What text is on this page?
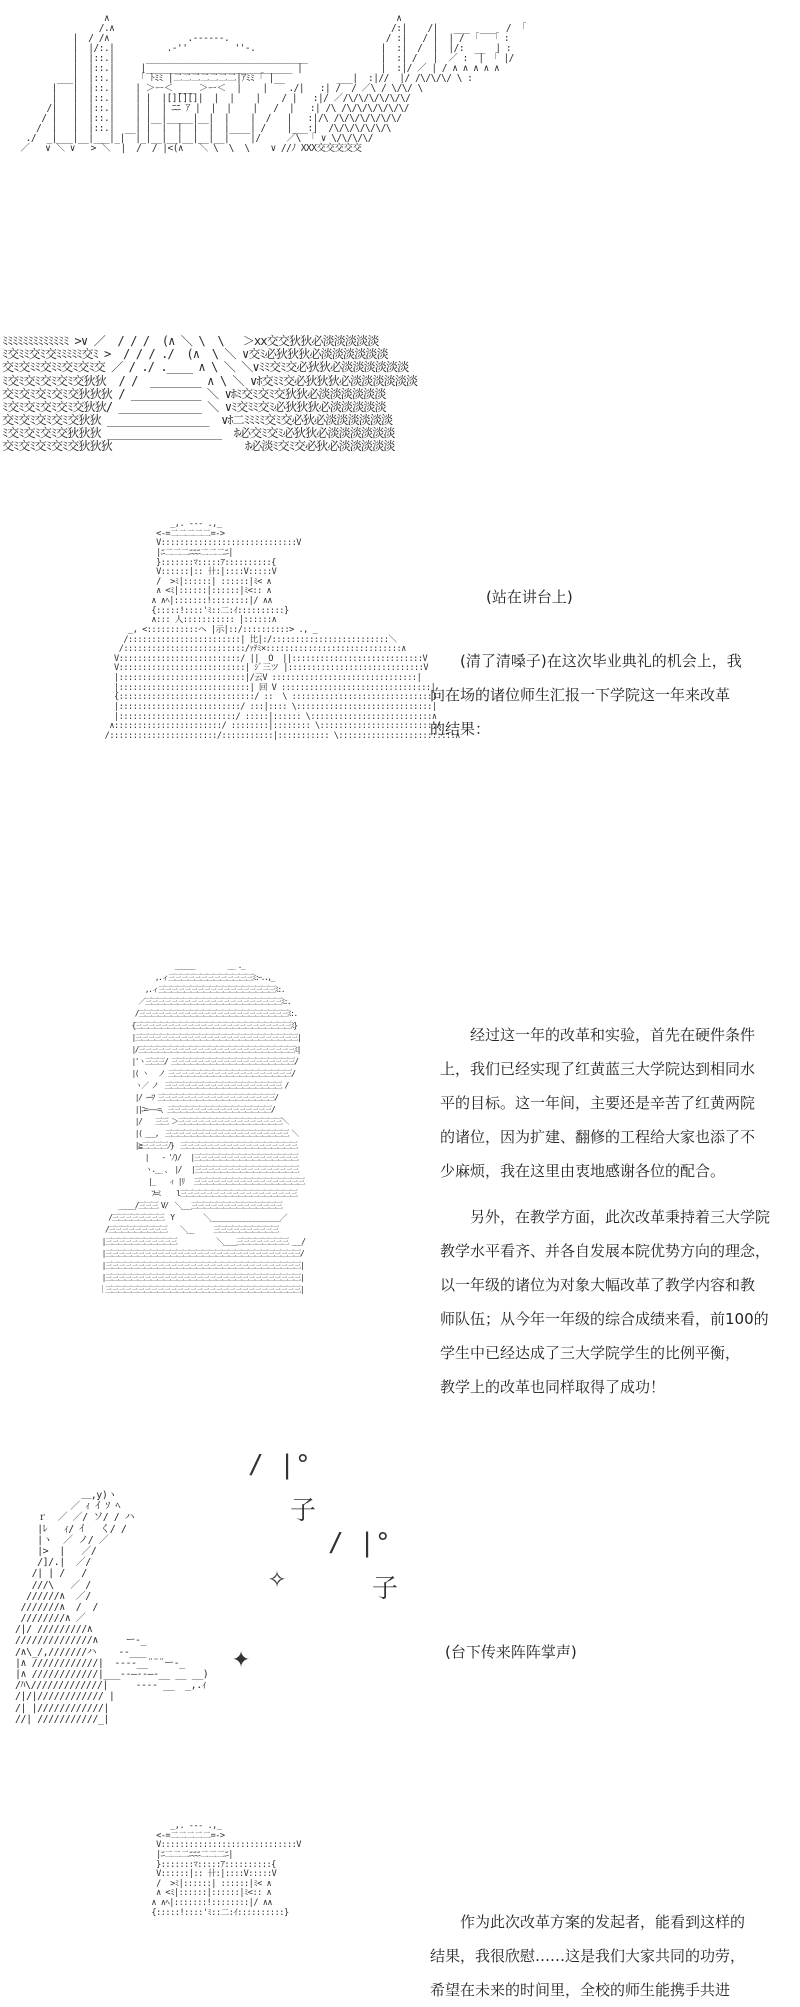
∧                                                       ∧
/.∧                                                     /:|    /|   ___  ___  /  ｢
|  / /∧               .-‐‐‐‐-.                              / :|   / |  | /  ｢   ｢ :
|  |/:.|          .-''         ''-.                        |  :|  /  |  |/:  __  | :
|  |::.|      _______________________________              |  :| /   |  ／ :  |  ｢ |/
|  |::.|     |____________________________ |               |  :|/ ／ | / ∧ ∧ ∧ ∧ ∧
___|  |::.|     ｢ ﾄﾐﾐ |二二二二二二二|ｱﾐﾐ ｢ |__          ___|  :|//  |/ /\/\/\/ \ :
|   |  |::.|    | ＞ー＜ ___ ＞ー＜  |    |    ./|   :| /  / ／\ / \/\/ \
|   |  |::.|    | |  |[][][]|  |  |    |    / |   :|/ ／/\/\/\/\/\/\/
/|   |  |::.|    | |  | ﾆﾆ ｱ |  |  |    |   /  |   :| /\ /\/\/\/\/\/\/
/ |   |  |::.|    | |__|_____|__|  |    |  /   |   :|/\ /\/\/\/\/\/\/
/  |   |  |::.|  __| |  |  |  |  |  |____| /    |___:|  /\/\/\/\/\/\
./  _|___|__|___|_|  |_|__|__|__|__|__|    |/     ／\  ｢ ∨ \/\/\/\/
／   ∨ ＼ ∨   > ＼  |  /  / |<(∧   ＼ \  \  \    ∨ //ﾉ XXX交交交交交
ﾐﾐﾐﾐﾐﾐﾐﾐﾐﾐﾐﾐﾐ >∨ ／  / / /  (∧ ＼ \  \   ＞xx交交狄狄必淡淡淡淡淡
ﾐ交ﾐﾐ交ﾐ交ﾐﾐﾐﾐﾐ交ﾐ >  / / / ./  (∧  \ ＼ ∨交ﾐ必狄狄狄必淡淡淡淡淡淡
交ﾐ交ﾐﾐ交ﾐﾐ交ﾐ交ﾐ交 ／ / ./ .____ ∧ \ ＼ ＼∨ﾐﾐ交ﾐ交必狄狄必淡淡淡淡淡淡
ﾐ交ﾐ交ﾐ交ﾐ交ﾐ交狄狄  / /  ________ ∧ \ ＼ ∨ﾎ交ﾐﾐ交必狄狄狄必淡淡淡淡淡淡
交ﾐ交ﾐ交ﾐ交ﾐ交狄狄狄 / ___________ ＼ ∨ﾎﾐ交ﾐ交ﾐ交狄狄必淡淡淡淡淡淡
ﾐ交ﾐ交ﾐ交ﾐ交ﾐ交狄狄/ _____________ ＼ ∨ﾐ交ﾐﾐ交ﾐ必狄狄狄必淡淡淡淡淡
交ﾐ交ﾐ交ﾐ交ﾐ交狄狄 ________________  ∨ﾎ二ﾐﾐﾐﾐ交ﾐ交必狄必淡淡淡淡淡淡
ﾐ交ﾐ交ﾐ交ﾐ交狄狄狄 __________________  ﾎ必交ﾐ交ﾐ必狄狄必淡淡淡淡淡淡
交ﾐ交ﾐ交ﾐ交ﾐ交狄狄狄                     ﾎ必淡ﾐ交ﾐ交必狄必淡淡淡淡淡
_,. -‐- .,_
<‐=二二二二二=‐>
V:::::::::::::::::::::::::::::V
|ﾆ二二二ﾆﾆﾆ二二二ﾆ|
}:::::::ﾏ:::::ｱ::::::::::{
V::::::|:: 卄:|::::V:::::V
/  >ﾐ|::::::| ::::::|ﾐ< ∧
∧ <ﾐ|::::::|::::::|ﾐ<:: ∧
∧ ∧ﾍ|:::::::!::::::::|/ ∧∧
{:::::!::::'ﾐ::二:ｲ::::::::::}
∧::: 人::::::::::: |::::::∧
_, <:::::::::::ヘ |示|::/::::::::::> ., _
/::::::::::::::::::::::::| 比|:/:::::::::::::::::::::::::＼
/::::::::::::::::::::::::::/ｧﾃﾐ×:::::::::::::::::::::::::::::∧
V::::::::::::::::::::::::::/ ||  O  ||::::::::::::::::::::::::::::V
V:::::::::::::::::::::::::::| ｼﾞ三ツ |:::::::::::::::::::::::::::::V
|:::::::::::::::::::::::::::|/云V :::::::::::::::::::::::::::::::|
|::::::::::::::::::::::::::::| 回 V ::::::::::::::::::::::::::::::::|
{:::::::::::::::::::::::::::::/ ::  \ ::::::::::::::::::::::::::::::}
|::::::::::::::::::::::::::/ :::|:::: \:::::::::::::::::::::::::::::|
|:::::::::::::::::::::::::/ :::::|:::::: \::::::::::::::::::::::::::∧
∧:::::::::::::::::::::::/ ::::::::|:::::::: \:::::::::::::::::::::::::∧
/:::::::::::::::::::::::/:::::::::::|::::::::::: \:::::::::::::::::::::::::∧

(站在讲台上)

(清了清嗓子)在这次毕业典礼的机会上，我

向在场的诸位师生汇报一下学院这一年来改革

的结果：

______          __ ._
,.ィ三三三三三三三三三三三三三ﾐ:ｰ..,_
,.ィ三三三三三三三三三三三三三三三三三三ﾐ:.
／三三三三三三三三三三三三三三三三三三三三三ﾐ:.
/三三三三三三三三三三三三三三三三三三三三三三三ﾐ:.
{三三三三三三三三三三三三三三三三三三三三三三三三ﾐ}
|三三三三三三三三三三三三三三三三三三三三三三三三三|
|/三三三三三三三三三三三三三三三三三三三三三三三三ﾐ|
|'ヽ三三三/ 三三三三三三三三三三三三三三三三三三三/
|( ヽ   ノ 三三三三三三三三三三三三三三三三三三三/
ヽ／ ノ  三三三三三三三三三三三三三三三三三三 /
|/ ‐─ﾌ 三三三三三三三三三三三三三三三三三三/
||ﾆ=‐―-=、三三三三三三三三三三三三三三三三/
|/    三三 ＞三三三三三三三三三三三三三三三三＼
|( ___,  三三三三三三三三三三三三三三三三三三三 ＼
|≧三三三三ﾉ}  三三三三三三三三三三三三三三三三三三
|    ‐ 'ﾉ)/   |三三三三三三三三三三三三三三三三
ヽ.__ 、 |/   |三三三三三三三三三三三三三三三三
|_    ィ |ﾘ   三三三三三三三三三三三三三三三三三
ﾌ=ﾐ     l三三三三三三三三三三三三三三三三三三
_____/三三三 V/  ＼___三三三三三三三三三三三三三三
/三三三三三三三三  Y         ＼_____________________／
/三三三三三三三三三    ＼__      三三三三三三三三三三
|三三三三三三三三三三三            ＼____三三三三三三三三 ___/
|三三三三三三三三三三三三三三三三三三三三三三三三三三三三三三/
|三三三三三三三三三三三三三三三三三三三三三三三三三三三三三三|
|三三三三三三三三三三三三三三三三三三三三三三三三三三三三三三|
｜三三三三三三三三三三三三三三三三三三三三三三三三三三三三三三|

经过这一年的改革和实验，首先在硬件条件

上，我们已经实现了红黄蓝三大学院达到相同水

平的目标。这一年间，主要还是辛苦了红黄两院

的诸位，因为扩建、翻修的工程给大家也添了不

少麻烦，我在这里由衷地感谢各位的配合。

另外，在教学方面，此次改革秉持着三大学院

教学水平看齐、并各自发展本院优势方向的理念，

以一年级的诸位为对象大幅改革了教学内容和教

师队伍；从今年一年级的综合成绩来看，前100的

学生中已经达成了三大学院学生的比例平衡，

教学上的改革也同样取得了成功！

＿,y)ヽ
／ ｨ ｲ ｿ ﾍ
ｒ  ／ ／/ ソ/ / ハ
|ﾚ   ｨ/ ｲ   く/ /
|ヽ  ／ ノ/ ／
|>  |   ／/
/]/.|  ／/
/| | /   /
///\   ／ /
//////∧  ／/
///////∧  /  /
////////∧ ／
/|/ /////////∧
//////////////∧     ー-_
/∧\_/,///////ハ    ‐-___
|∧ ////////////|  -‐--__¨¨¨ー-_
|∧ ////////////|___‐-―--―-__ __ __)
/ﾊ\/////////////|     ‐--- __  _,.ｨ
/|/|//////////// |
/| |////////////|
//| ///////////_|
/ |°
子
/ |°
子
✧
✦	(台下传来阵阵掌声)

_,. -‐- .,_
<‐=二二二二二=‐>
V:::::::::::::::::::::::::::::V
|ﾆ二二二ﾆﾆﾆ二二二ﾆ|
}:::::::ﾏ:::::ｱ::::::::::{
V::::::|:: 卄:|::::V:::::V
/  >ﾐ|::::::| ::::::|ﾐ< ∧
∧ <ﾐ|::::::|::::::|ﾐ<:: ∧
∧ ∧ﾍ|:::::::!::::::::|/ ∧∧
{:::::!::::'ﾐ::二:ｲ::::::::::}

作为此次改革方案的发起者，能看到这样的

结果，我很欣慰……这是我们大家共同的功劳，

希望在未来的时间里，全校的师生能携手共进
